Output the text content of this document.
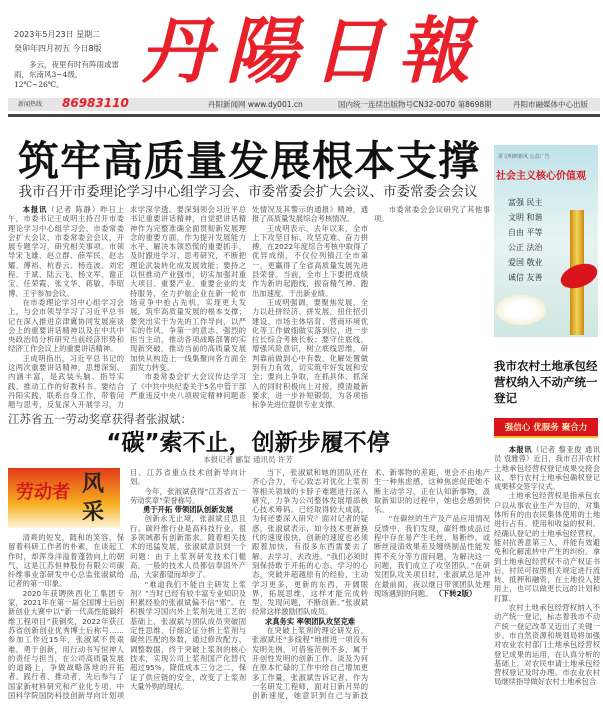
2023年5月23日 星期二
癸卯年四月初五 今日8版
多云，夜里有时有阵雨或雷雨，东南风3~4级，12℃~26℃。	丹陽日報
新闻热线 86983110	丹阳新闻网 www.dy001.cn	国内统一连续出版物号CN32-0070 第8698期	丹阳市融媒体中心出版
筑牢高质量发展根本支撑
我市召开市委理论学习中心组学习会、市委常委会扩大会议、市委常委会会议

本报讯（记者 陈静）昨日上午，市委书记王成明主持召开市委理论学习中心组学习会、市委常委会扩大会议、市委常委会会议，开展专题学习，研究相关事项。市领导宋飞雄、赵立群、薛军民、赵志耀、傅裕、杭春云、杨连波、刘宏程、于斌、陆云飞、杨文军、谢正宝、任荣霞、张文华、蒋敏、李昭博、王宇参加会议。

在市委理论学习中心组学习会上，与会市领导学习了习近平总书记在深入推进京津冀协同发展座谈会上的重要讲话精神以及在中共中央政治局分析研究当前经济形势和经济工作会议上的重要讲话精神。

王成明指出，习近平总书记的这两次重要讲话精神，思想深刻、内涵丰富，是武装头脑、指导实践、推动工作的好教科书。要结合丹阳实践，联系自身工作，带着问题与思考，反复深入开展学习，力求学深学透。要深刻领会习近平总书记重要讲话精神，自觉把讲话精神作为完整准确全面贯彻新发展理念的重要方面，作为提升发展能力水平、解决本领恐慌的重要抓手，及时跟进学习、思考研究，不断把理论武装转化成发展效能；要持之以恒推动产业强市，切实加强对重大项目、重要产业、重要企业的支持服务，全力护航企业在新一轮市场竞争中抢占先机，实现更大发展，筑牢高质量发展的根本支撑；要突出实干为先的工作导向，以严实的作风、争第一的意志、强烈的担当主动，推动各项战略部署的实现新突破，推动当前的高质量发展加快从构造上一线集聚向各方面全面发力转变。

市委常委会扩大会议传达学习了《中共中央纪委关于5名中管干部严重违反中央八项规定精神问题查处情况及其警示的通报》精神，通报了高质量发展综合考核情况。

王成明表示，去年以来，全市上下攻坚目标、攻坚克难、奋力拼搏，在2022年度综合考核中取得了优异成绩，不仅位列镇江全市第一，更赢得了全省高质量发展先进县荣誉。当前，全市上下要把成绩作为新的起跑线，振奋精气神、跑出加速度、干出新业绩。

王成明强调，要聚焦发展，全力以赴拼经济、拼发展，扭住招引建设、市场主体培育、营商环境优化等工作做细做实落到位，进一步拉长综合考核长板；要守住底线，增强风险意识，树立底线思维，研判靠前做到心中有数，化解处置做到有力有效，切实筑牢好发展和安全；要向上争取，在抓具体、抓深入的同时积极向上对接，摸清最新要求，进一步补短锻弱，为各项指标争先进位提供专业支撑。

市委常委会会议研究了其他事项。

讲文明树新风 公益广告
社会主义核心价值观
富强 民主
文明 和谐
自由 平等
公正 法治
爱国 敬业
诚信 友善
我市农村土地承包经营权纳入不动产统一登记
强信心 优服务 聚合力

本报讯（记者 黎亚俊 通讯员 袁雅蓉）近日，我市召开农村土地承包经营权登记成果交接会议，举行农村土地承包确权登记成果移交签字仪式。

土地承包经营权是指承包农户以从事农业生产为目的，对集体所有的由农民集体使用的土地进行占有、使用和收益的权利。经确认登记的土地承包经营权，能对抗善意第三人，并能有效避免和化解流转中产生的纠纷。拿到土地承包经营权不动产权证书后，村民可按照相关规定进行流转、抵押和融资，在土地投入使用上，也可以做更长远的计划和打算。

农村土地承包经营权纳入不动产统一登记，标志着我市不动产统一登记改革又迈出了关键一步。市自然资源和规划局将加强对农业农村部门土地承包经营权登记成果的运用，在认真分析的基础上，对农民申请土地承包经营权登记及时办理。市农业农村局继续指导做好农村土地承包合

江苏省五一劳动奖章获得者张淑斌：
“碳”索不止，创新步履不停
本报记者 郦玺 通讯员 许芳
劳动者 风采

清爽的短发，随和的笑容，保留着科研工作者的朴素，在谈起工作时，却浑身洋溢着蓬勃向上的朝气，这是江苏恒神股份有限公司碳纤维事业部研发中心总监张淑斌给记者的第一印象。

2020年获聘陕西化工集团专家，2021年在第一届全国博士后创新创业大赛中以“新一代高性能碳纤维工程项目”获铜奖，2022年获江苏省创新创业优秀博士后称号……参加工作近15年，张淑斌不畏艰难，勇于创新，用行动书写恒神人的责任与担当，在公司高质量发展的道路上，争做战略落地的开拓者、践行者、推动者，先后参与了国家新材料研究和产业化专项、中国科学院国防科技创新导向计划项目、江苏省重点技术创新导向计划。

今年，张淑斌获得“江苏省五一劳动奖章”荣誉称号。

勇于开拓 带领团队创新发展

创新永无止境，张淑斌且思且行。碳纤维行业是高科技行业，很多领域都有创新需求。随着相关技术的迅猛发展，张淑斌意识到一个问题：由于上浆剂研发技术门槛高，一般的技术人员都信奉国外产品，大家都望而却步了。

“难道我们不能自主研发上浆剂？”当时已经有较丰富专业知识及积累经验的张淑斌偏不信“邪”。在积极学习国内外上浆剂先进工艺的基础上，张淑斌与团队成员突破固定性思维，仔细论证分析上浆剂与碳丝匹配的参数，通过修改配方、调整数据，终于突破上浆剂的核心技术，实现公司上浆剂国产化替代超过95%，降低成本三分之二，保证了供应链的安全，改变了上浆剂大量外购的现状。

当下，张淑斌和她的团队还在齐心合力，专心致志对优化上浆剂等相关领域的卡脖子难题进行深入研究，力争为公司整体发展增添核心技术筹码。已经取得较大成就，为何还要深入研究？面对记者的疑惑，张淑斌表示，如今技术更新换代的速度很快，创新的速度也必须跟着加快，有很多东西需要去了解、去学习、去改进。“我们必须时刻保持敢于开拓的心态、学习的心态，突破并超越原有的经验，主动学习更多，更新的东西，开阔眼界，拓展思维，这样才能完成转型，发现问题，不断创新。”张淑斌经常这样激励团队成员。

求真务实 率领团队攻坚克难

在突破上浆剂的理论研发后，张淑斌还“多线程”地推进一项没有发明先例，可借鉴范例不多，属于开创性发明的创新工作。谈及为何在原本忙碌的工作中给自己增加更多工作量，张淑斌告诉记者，作为一名研发工程师，面对日新月异的创新速度，她意识到自己与新技术、新事物的差距，更会不由地产生一种焦虑感，这种焦虑促使她不断主动学习，正在认知新事物，汲取新知识的过程中，她也会感到快乐。

“在碳丝的生产及产品应用情况反馈中，我们发现，碳纤维成品过程中存在易产生毛丝、易断纱、或断丝浸渍效果差及缠绕制品性能发挥不充分等方面问题，为解决这一问题，我们成立了攻坚团队。”在研发团队攻关项目时，张淑斌总是冲在最前面，夜以继日带领团队处理现场遇到的问题。 （下转2版）
